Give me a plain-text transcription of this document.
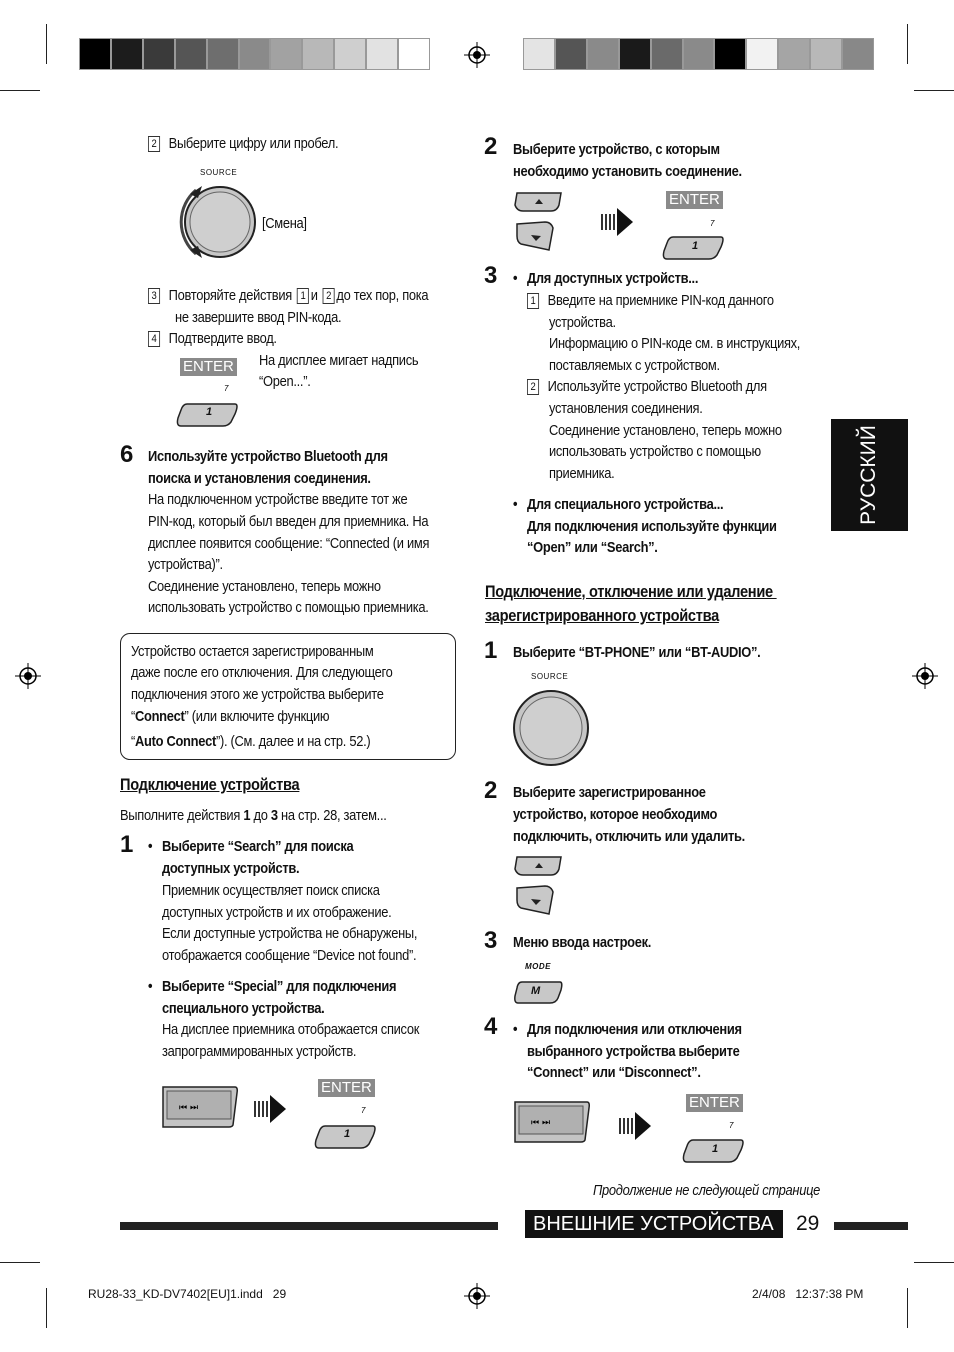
РУССКИЙ
2 Выберите цифру или пробел.
SOURCE
[Смена]
3 Повторяйте действия 1 и 2 до тех пор, пока
не завершите ввод PIN-кода.
4 Подтвердите ввод.
ENTER
7
1
На дисплее мигает надпись
“Open...”.
6 Используйте устройство Bluetooth для
поиска и установления соединения.
На подключенном устройстве введите тот же
PIN-код, который был введен для приемника. На
дисплее появится сообщение: “Connected (и имя
устройства)”.
Соединение установлено, теперь можно
использовать устройство с помощью приемника.
Устройство остается зарегистрированным
даже после его отключения. Для следующего
подключения этого же устройства выберите
“Connect” (или включите функцию
“Auto Connect”). (См. далее и на стр. 52.)
Подключение устройства
Выполните действия 1 до 3 на стр. 28, затем...
1 • Выберите “Search” для поиска
доступных устройств.
Приемник осуществляет поиск списка
доступных устройств и их отображение.
Если доступные устройства не обнаружены,
отображается сообщение “Device not found”.
• Выберите “Special” для подключения
специального устройства.
На дисплее приемника отображается список
запрограммированных устройств.
⏮ ⏭
ENTER
7
1
2 Выберите устройство, с которым
необходимо установить соединение.
ENTER
7
1
3 • Для доступных устройств...
1 Введите на приемнике PIN-код данного
устройства.
Информацию о PIN-коде см. в инструкциях,
поставляемых с устройством.
2 Используйте устройство Bluetooth для
установления соединения.
Соединение установлено, теперь можно
использовать устройство с помощью
приемника.
• Для специального устройства...
Для подключения используйте функции
“Open” или “Search”.
Подключение, отключение или удаление
зарегистрированного устройства
1 Выберите “BT-PHONE” или “BT-AUDIO”.
SOURCE
2 Выберите зарегистрированное
устройство, которое необходимо
подключить, отключить или удалить.
3 Меню ввода настроек.
MODE
M
4 • Для подключения или отключения
выбранного устройства выберите
“Connect” или “Disconnect”.
⏮ ⏭
ENTER
7
1
Продолжение не следующей странице
ВНЕШНИЕ УСТРОЙСТВА 29
RU28-33_KD-DV7402[EU]1.indd   29	2/4/08   12:37:38 PM
